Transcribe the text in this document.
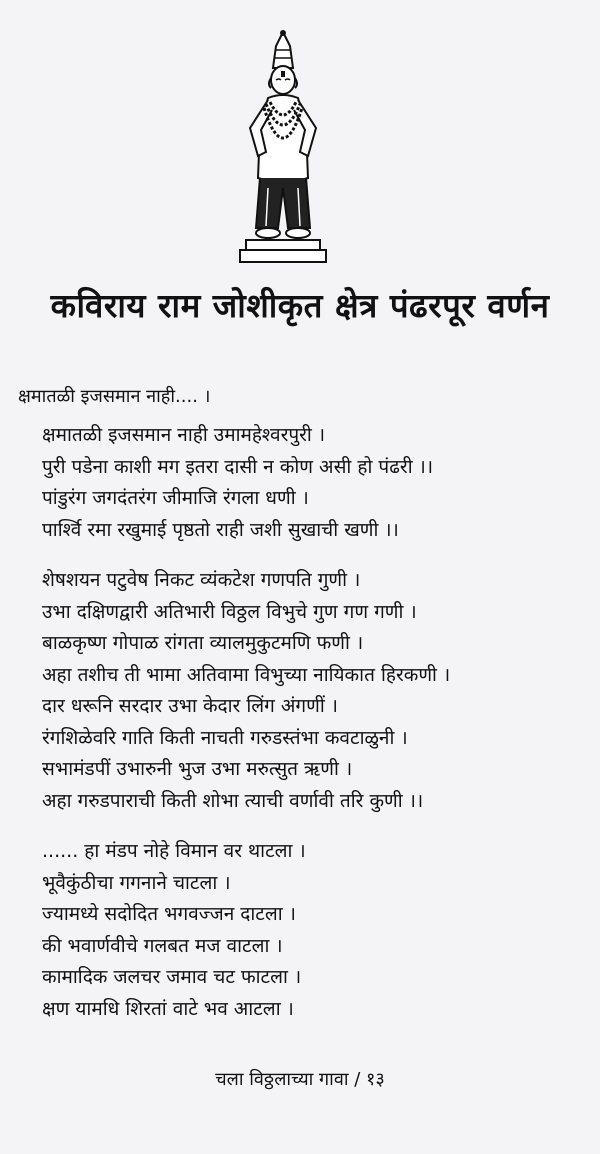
कविराय राम जोशीकृत क्षेत्र पंढरपूर वर्णन
क्षमातळी इजसमान नाही.... ।
क्षमातळी इजसमान नाही उमामहेश्वरपुरी ।
पुरी पडेना काशी मग इतरा दासी न कोण असी हो पंढरी ।।
पांडुरंग जगदंतरंग जीमाजि रंगला धणी ।
पार्श्वि रमा रखुमाई पृष्ठतो राही जशी सुखाची खणी ।।
शेषशयन पटुवेष निकट व्यंकटेश गणपति गुणी ।
उभा दक्षिणद्वारी अतिभारी विठ्ठल विभुचे गुण गण गणी ।
बाळकृष्ण गोपाळ रांगता व्यालमुकुटमणि फणी ।
अहा तशीच ती भामा अतिवामा विभुच्या नायिकात हिरकणी ।
दार धरूनि सरदार उभा केदार लिंग अंगणीं ।
रंगशिळेवरि गाति किती नाचती गरुडस्तंभा कवटाळुनी ।
सभामंडपीं उभारुनी भुज उभा मरुत्सुत ऋणी ।
अहा गरुडपाराची किती शोभा त्याची वर्णावी तरि कुणी ।।
...... हा मंडप नोहे विमान वर थाटला ।
भूवैकुंठीचा गगनाने चाटला ।
ज्यामध्ये सदोदित भगवज्जन दाटला ।
की भवार्णवीचे गलबत मज वाटला ।
कामादिक जलचर जमाव चट फाटला ।
क्षण यामधि शिरतां वाटे भव आटला ।
चला विठ्ठलाच्या गावा / १३
